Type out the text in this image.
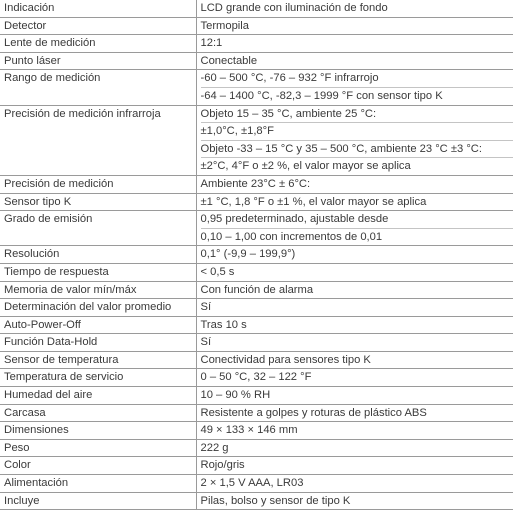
Indicación	LCD grande con iluminación de fondo

Detector	Termopila

Lente de medición	12:1

Punto láser	Conectable

Rango de medición	-60 – 500 °C, -76 – 932 °F infrarrojo
-64 – 1400 °C, -82,3 – 1999 °F con sensor tipo K

Precisión de medición infrarroja	Objeto 15 – 35 °C, ambiente 25 °C:
±1,0°C, ±1,8°F
Objeto -33 – 15 °C y 35 – 500 °C, ambiente 23 °C ±3 °C:
±2°C, 4°F o ±2 %, el valor mayor se aplica

Precisión de medición	Ambiente 23°C ± 6°C:

Sensor tipo K	±1 °C, 1,8 °F o ±1 %, el valor mayor se aplica

Grado de emisión	0,95 predeterminado, ajustable desde
0,10 – 1,00 con incrementos de 0,01

Resolución	0,1° (-9,9 – 199,9°)

Tiempo de respuesta	< 0,5 s

Memoria de valor mín/máx	Con función de alarma

Determinación del valor promedio	Sí

Auto-Power-Off	Tras 10 s

Función Data-Hold	Sí

Sensor de temperatura	Conectividad para sensores tipo K

Temperatura de servicio	0 – 50 °C, 32 – 122 °F

Humedad del aire	10 – 90 % RH

Carcasa	Resistente a golpes y roturas de plástico ABS

Dimensiones	49 × 133 × 146 mm

Peso	222 g

Color	Rojo/gris

Alimentación	2 × 1,5 V AAA, LR03

Incluye	Pilas, bolso y sensor de tipo K
